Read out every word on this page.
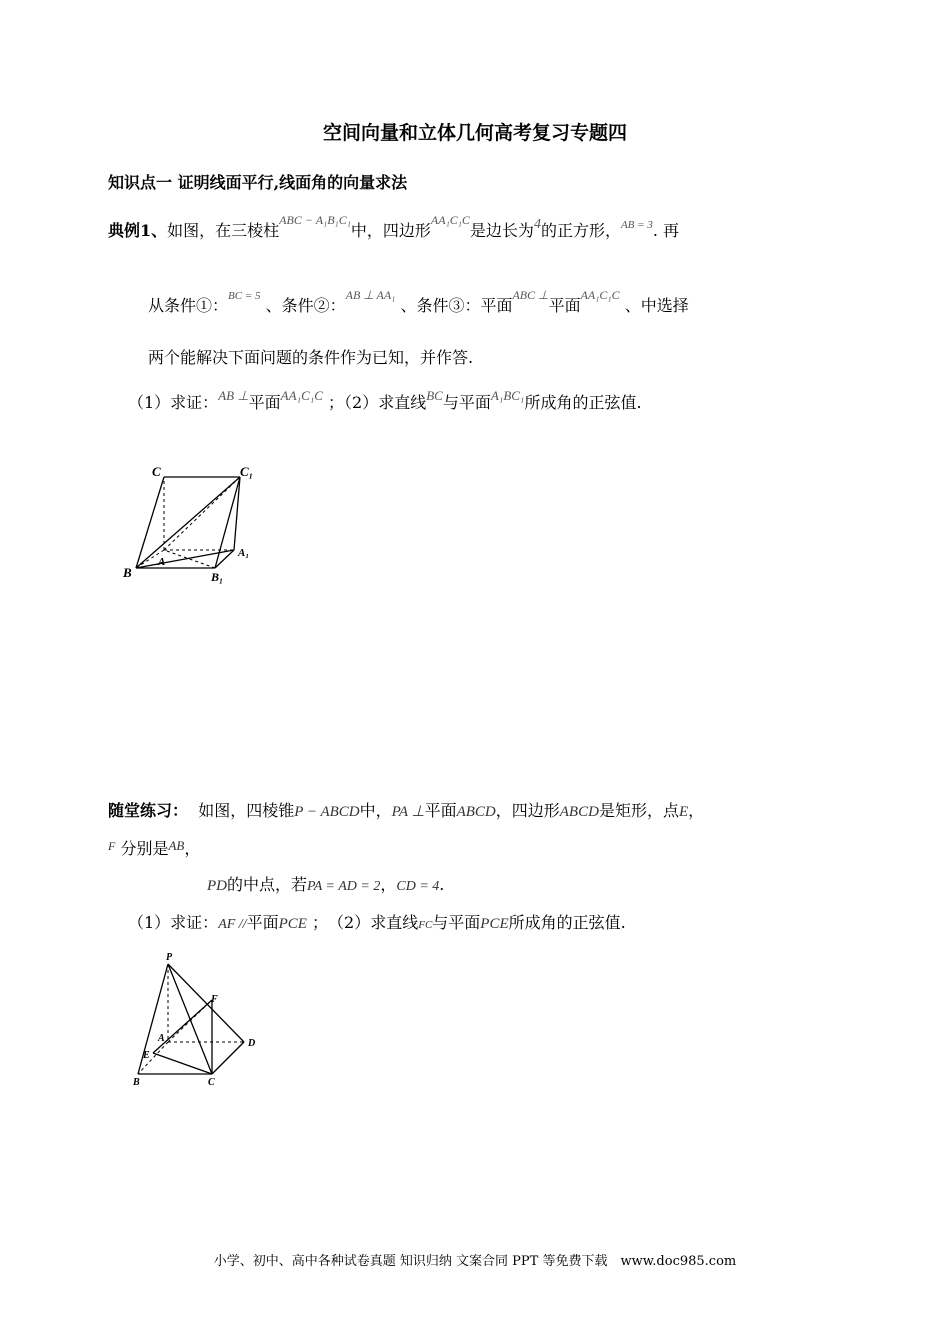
空间向量和立体几何高考复习专题四
知识点一 证明线面平行,线面角的向量求法
典例1、如图，在三棱柱$^{ABC - A_1B_1C_1}$中，四边形$^{AA_1C_1C}$是边长为4的正方形，$^{AB = 3}$. 再
从条件①：$^{BC = 5}$ 、条件②：$^{AB \perp AA_1}$ 、条件③：平面$^{ABC \perp}$平面$^{AA_1C_1C}$ 、中选择
两个能解决下面问题的条件作为已知，并作答.
（1）求证：$^{AB \perp}$平面$^{AA_1C_1C}$ ；（2）求直线$^{BC}$与平面$^{A_1BC_1}$所成角的正弦值.
C	C₁
A
A₁
B	B₁
随堂练习： 如图，四棱锥P − ABCD中，PA ⊥平面ABCD，四边形ABCD是矩形，点E，
$^F$ 分别是$^{AB}$，
PD的中点，若PA = AD = 2，CD = 4.
（1）求证：AF //平面PCE ；　（2）求直线FC与平面PCE所成角的正弦值.
P
F
A	D
E
B	C
小学、初中、高中各种试卷真题 知识归纳 文案合同 PPT 等免费下载　www.doc985.com
